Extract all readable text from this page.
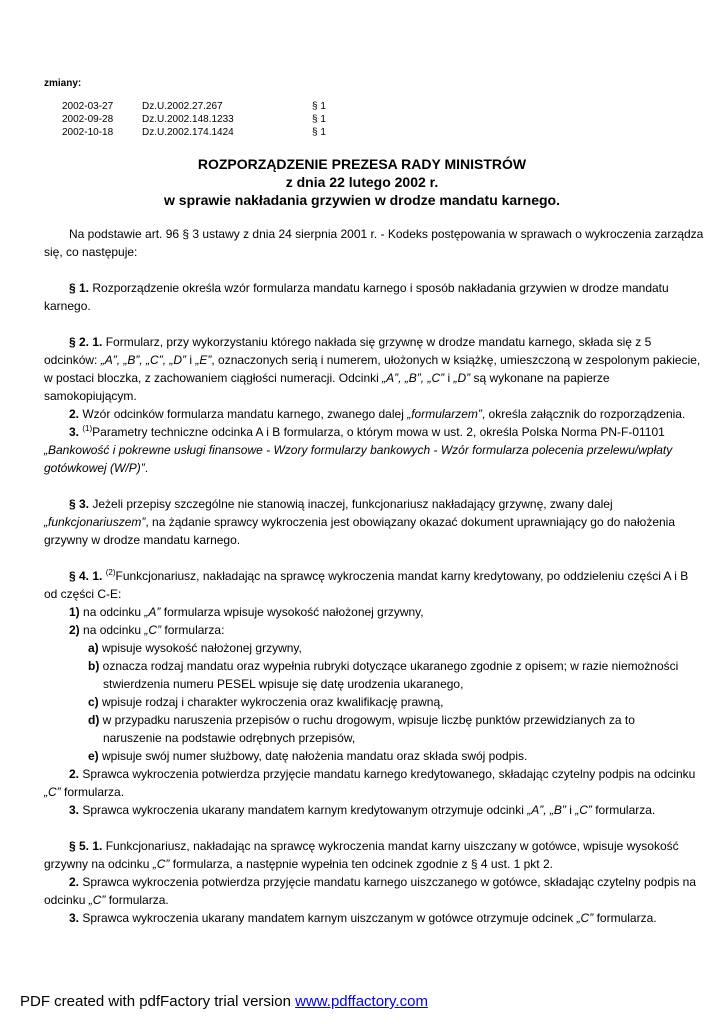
zmiany:
2002-03-27	Dz.U.2002.27.267	§ 1
2002-09-28	Dz.U.2002.148.1233	§ 1
2002-10-18	Dz.U.2002.174.1424	§ 1
ROZPORZĄDZENIE PREZESA RADY MINISTRÓW
z dnia 22 lutego 2002 r.
w sprawie nakładania grzywien w drodze mandatu karnego.

Na podstawie art. 96 § 3 ustawy z dnia 24 sierpnia 2001 r. - Kodeks postępowania w sprawach o wykroczenia zarządza się, co następuje:

§ 1. Rozporządzenie określa wzór formularza mandatu karnego i sposób nakładania grzywien w drodze mandatu karnego.

§ 2. 1. Formularz, przy wykorzystaniu którego nakłada się grzywnę w drodze mandatu karnego, składa się z 5 odcinków: „A”, „B”, „C”, „D” i „E”, oznaczonych serią i numerem, ułożonych w książkę, umieszczoną w zespolonym pakiecie, w postaci bloczka, z zachowaniem ciągłości numeracji. Odcinki „A”, „B”, „C” i „D” są wykonane na papierze samokopiującym.

2. Wzór odcinków formularza mandatu karnego, zwanego dalej „formularzem”, określa załącznik do rozporządzenia.

3. $^{(1)}$Parametry techniczne odcinka A i B formularza, o którym mowa w ust. 2, określa Polska Norma PN-F-01101 „Bankowość i pokrewne usługi finansowe - Wzory formularzy bankowych - Wzór formularza polecenia przelewu/wpłaty gotówkowej (W/P)”.

§ 3. Jeżeli przepisy szczególne nie stanowią inaczej, funkcjonariusz nakładający grzywnę, zwany dalej „funkcjonariuszem”, na żądanie sprawcy wykroczenia jest obowiązany okazać dokument uprawniający go do nałożenia grzywny w drodze mandatu karnego.

§ 4. 1. $^{(2)}$Funkcjonariusz, nakładając na sprawcę wykroczenia mandat karny kredytowany, po oddzieleniu części A i B od części C-E:

1) na odcinku „A” formularza wpisuje wysokość nałożonej grzywny,

2) na odcinku „C” formularza:

a) wpisuje wysokość nałożonej grzywny,

b) oznacza rodzaj mandatu oraz wypełnia rubryki dotyczące ukaranego zgodnie z opisem; w razie niemożności

stwierdzenia numeru PESEL wpisuje się datę urodzenia ukaranego,

c) wpisuje rodzaj i charakter wykroczenia oraz kwalifikację prawną,

d) w przypadku naruszenia przepisów o ruchu drogowym, wpisuje liczbę punktów przewidzianych za to

naruszenie na podstawie odrębnych przepisów,

e) wpisuje swój numer służbowy, datę nałożenia mandatu oraz składa swój podpis.

2. Sprawca wykroczenia potwierdza przyjęcie mandatu karnego kredytowanego, składając czytelny podpis na odcinku „C” formularza.

3. Sprawca wykroczenia ukarany mandatem karnym kredytowanym otrzymuje odcinki „A”, „B” i „C” formularza.

§ 5. 1. Funkcjonariusz, nakładając na sprawcę wykroczenia mandat karny uiszczany w gotówce, wpisuje wysokość grzywny na odcinku „C” formularza, a następnie wypełnia ten odcinek zgodnie z § 4 ust. 1 pkt 2.

2. Sprawca wykroczenia potwierdza przyjęcie mandatu karnego uiszczanego w gotówce, składając czytelny podpis na odcinku „C” formularza.

3. Sprawca wykroczenia ukarany mandatem karnym uiszczanym w gotówce otrzymuje odcinek „C” formularza.

PDF created with pdfFactory trial version www.pdffactory.com
